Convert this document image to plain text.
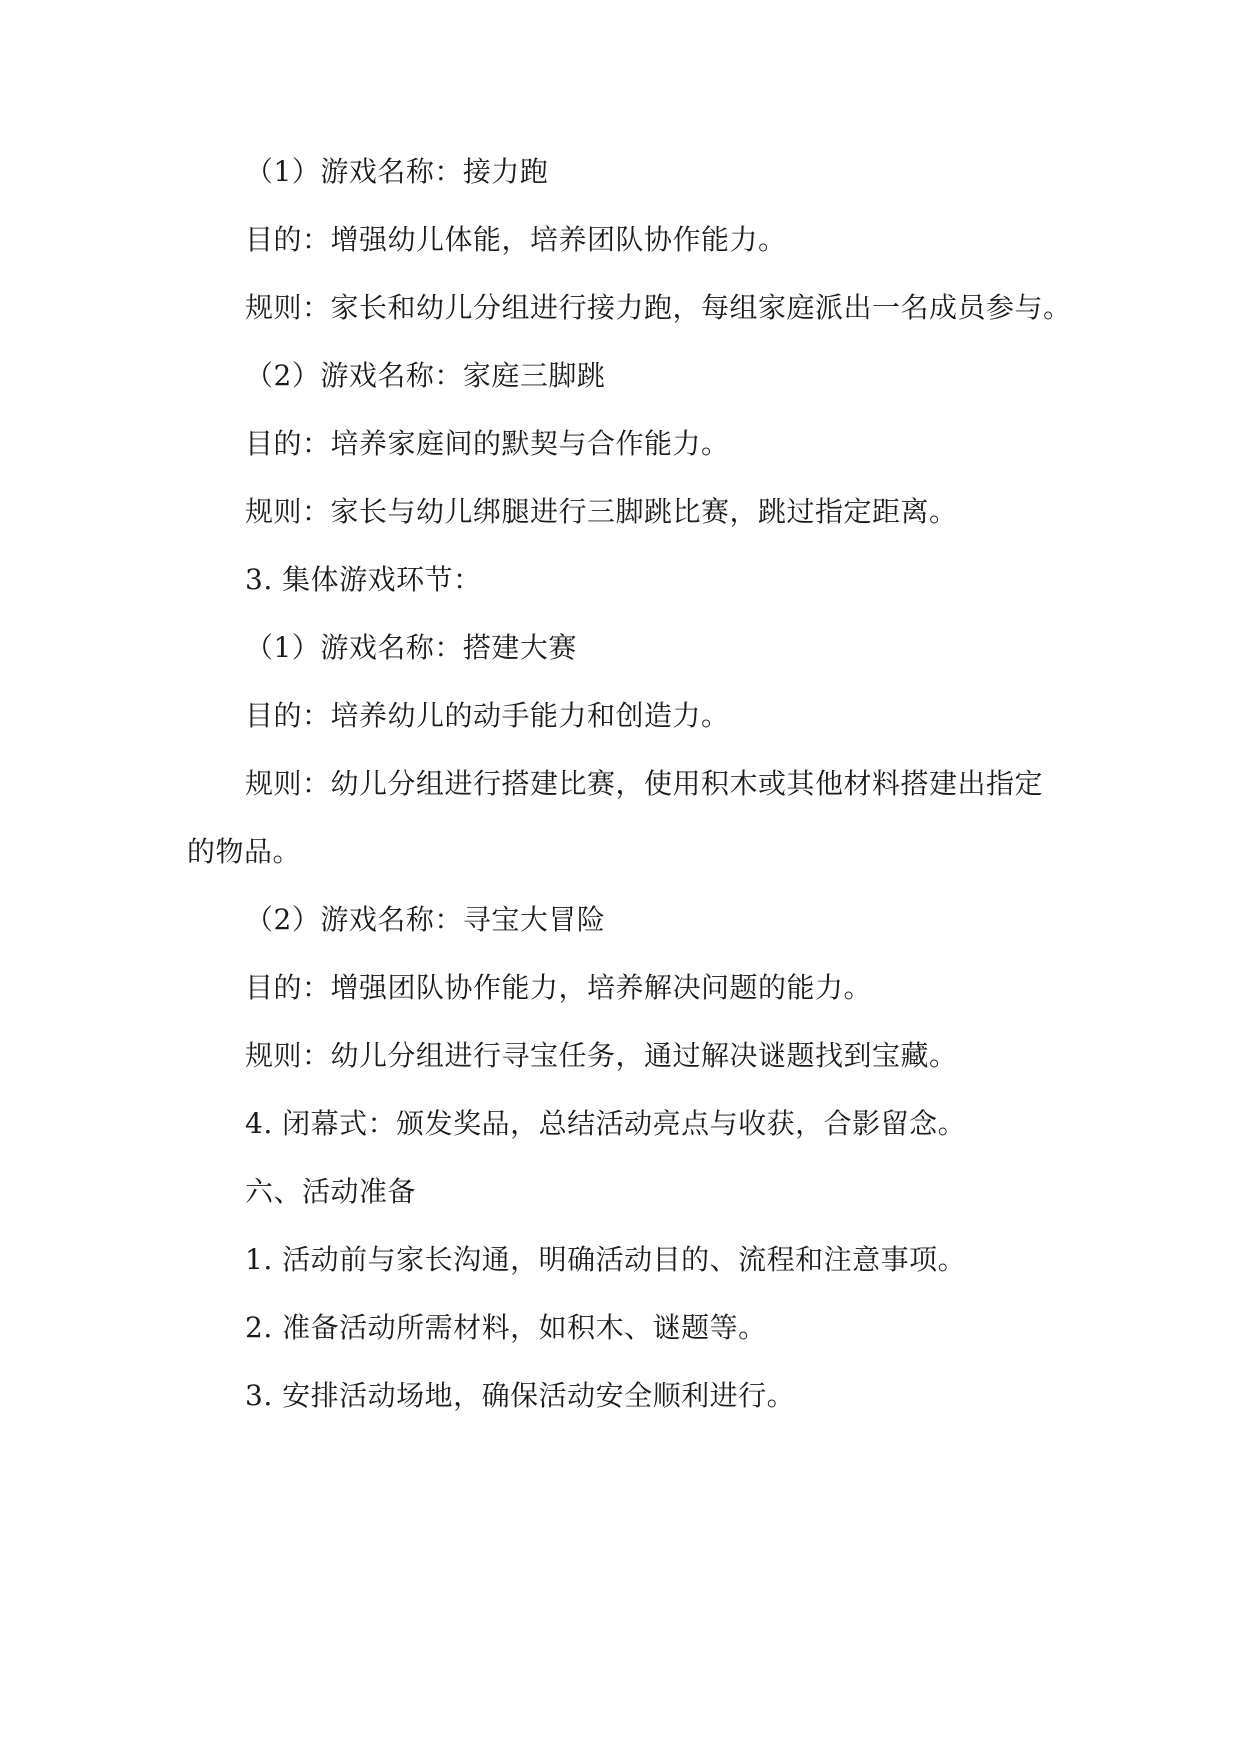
（1）游戏名称：接力跑
目的：增强幼儿体能，培养团队协作能力。
规则：家长和幼儿分组进行接力跑，每组家庭派出一名成员参与。
（2）游戏名称：家庭三脚跳
目的：培养家庭间的默契与合作能力。
规则：家长与幼儿绑腿进行三脚跳比赛，跳过指定距离。
3. 集体游戏环节：
（1）游戏名称：搭建大赛
目的：培养幼儿的动手能力和创造力。
规则：幼儿分组进行搭建比赛，使用积木或其他材料搭建出指定
的物品。
（2）游戏名称：寻宝大冒险
目的：增强团队协作能力，培养解决问题的能力。
规则：幼儿分组进行寻宝任务，通过解决谜题找到宝藏。
4. 闭幕式：颁发奖品，总结活动亮点与收获，合影留念。
六、活动准备
1. 活动前与家长沟通，明确活动目的、流程和注意事项。
2. 准备活动所需材料，如积木、谜题等。
3. 安排活动场地，确保活动安全顺利进行。
